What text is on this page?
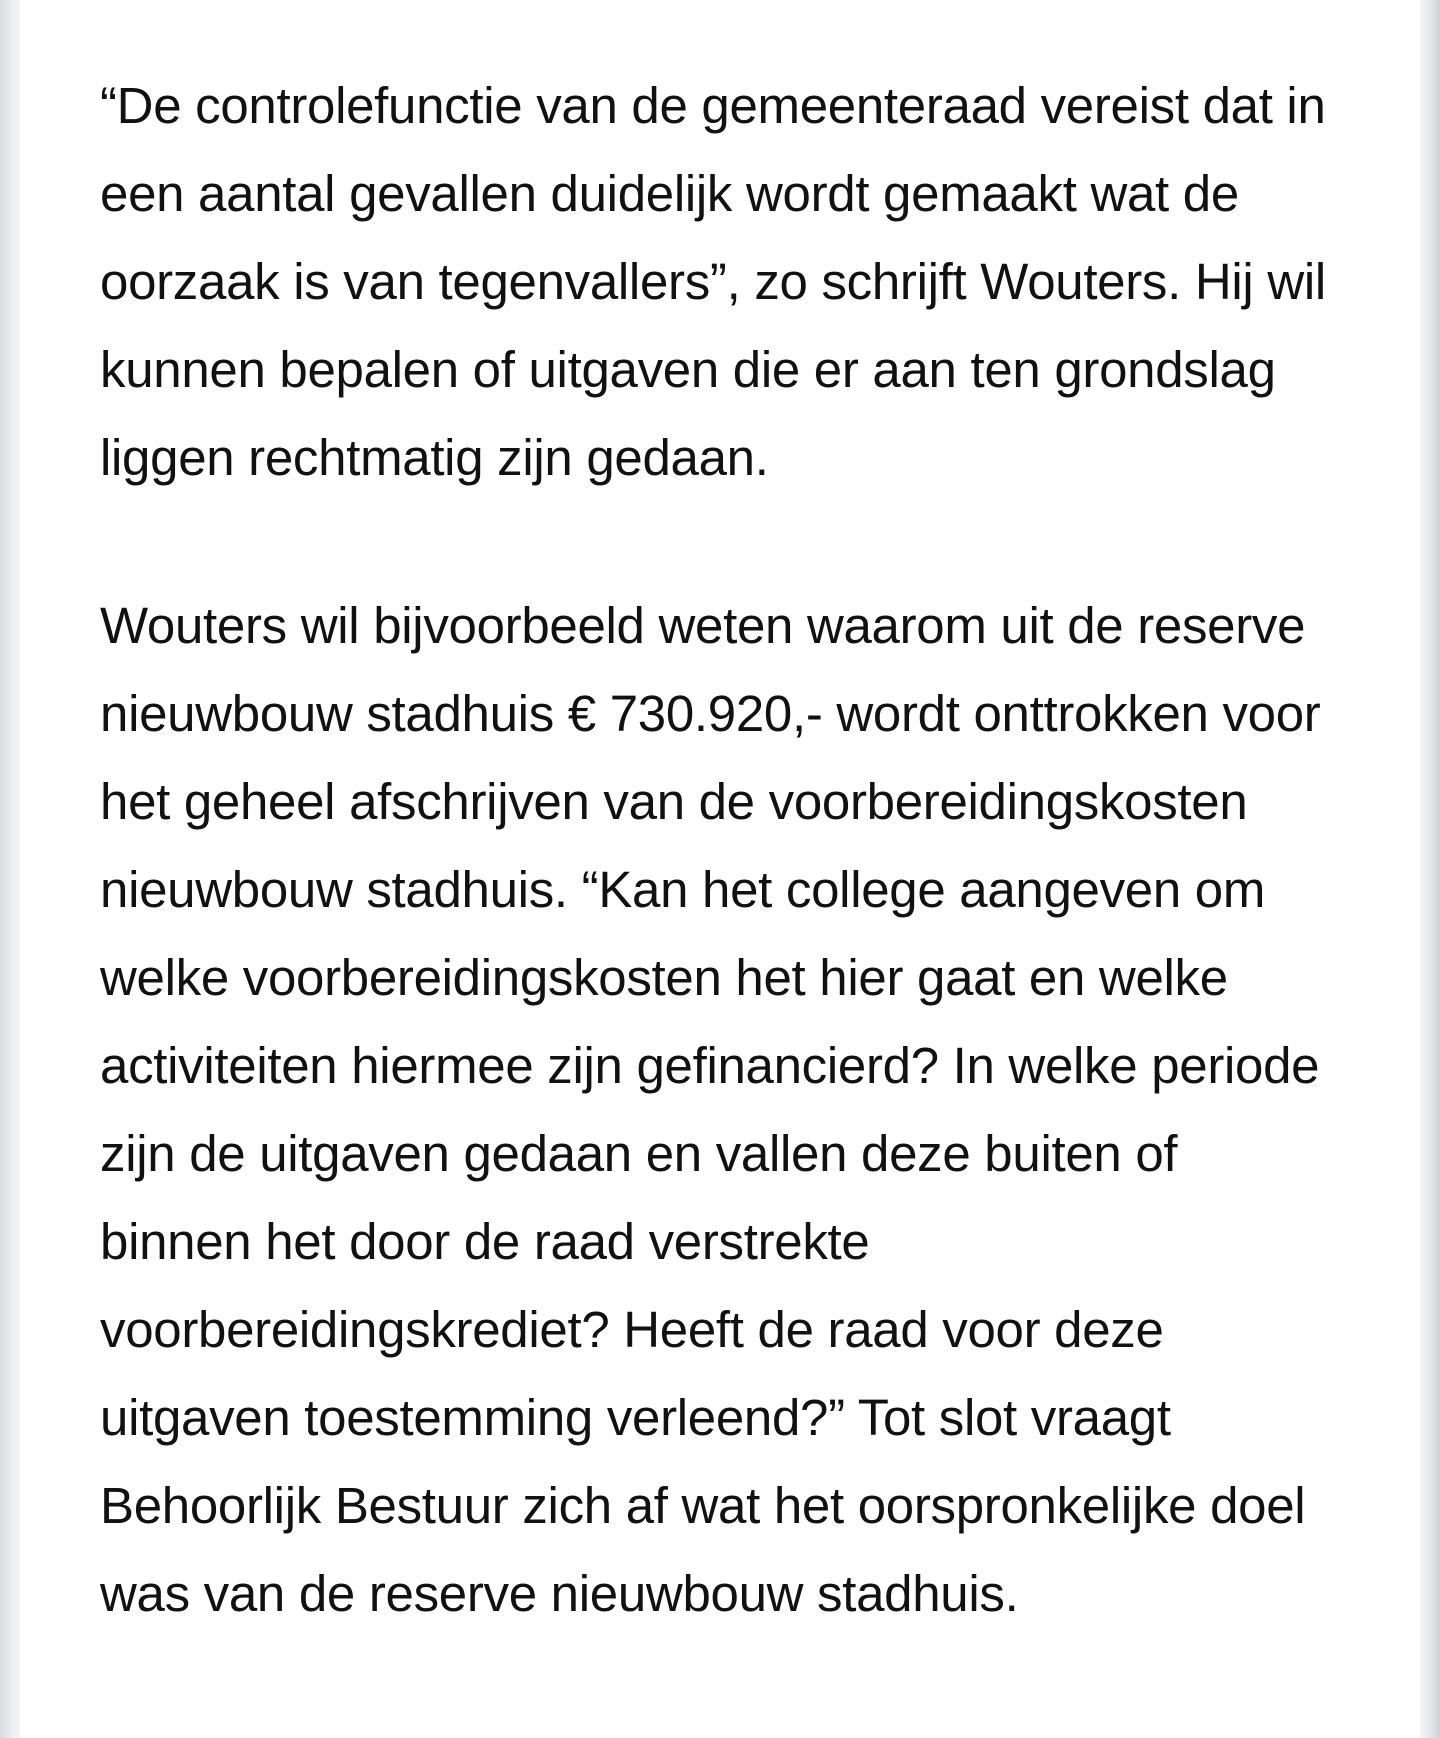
“De controlefunctie van de gemeenteraad vereist dat in een aantal gevallen duidelijk wordt gemaakt wat de oorzaak is van tegenvallers”, zo schrijft Wouters. Hij wil kunnen bepalen of uitgaven die er aan ten grondslag liggen rechtmatig zijn gedaan.

Wouters wil bijvoorbeeld weten waarom uit de reserve nieuwbouw stadhuis € 730.920,- wordt onttrokken voor het geheel afschrijven van de voorbereidingskosten nieuwbouw stadhuis. “Kan het college aangeven om welke voorbereidingskosten het hier gaat en welke activiteiten hiermee zijn gefinancierd? In welke periode zijn de uitgaven gedaan en vallen deze buiten of binnen het door de raad verstrekte voorbereidingskrediet? Heeft de raad voor deze uitgaven toestemming verleend?” Tot slot vraagt Behoorlijk Bestuur zich af wat het oorspronkelijke doel was van de reserve nieuwbouw stadhuis.
